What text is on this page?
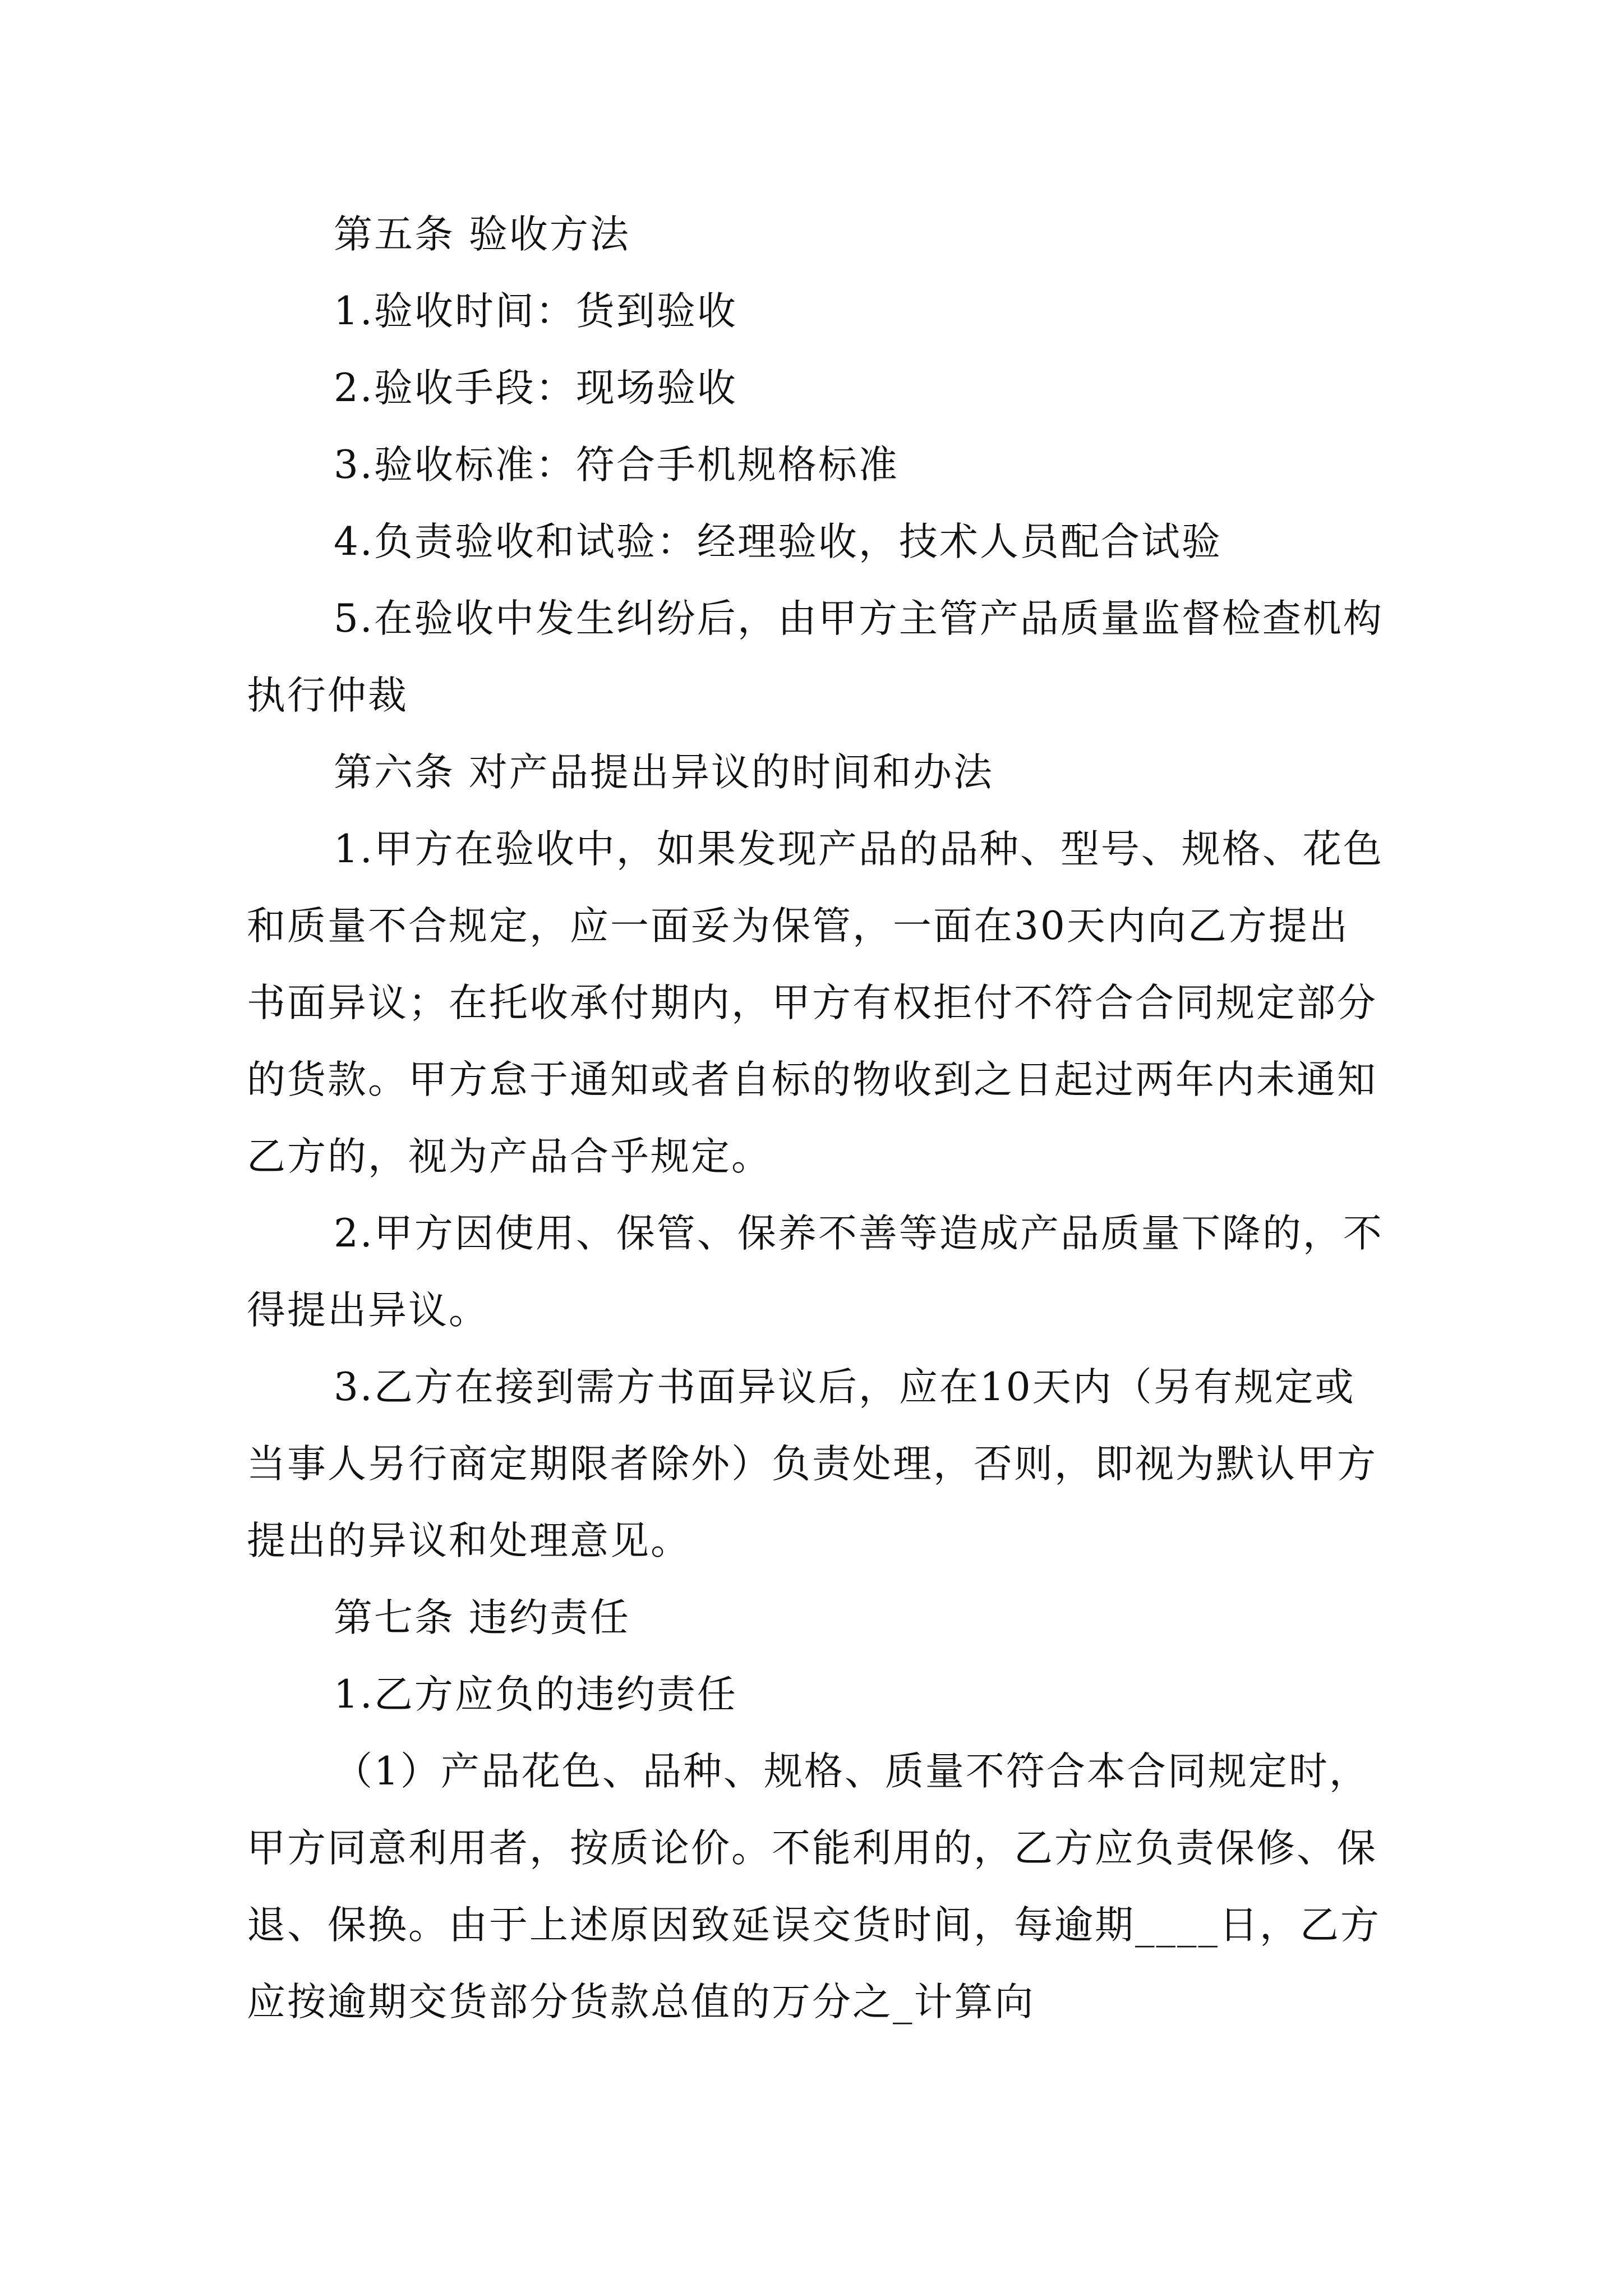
第五条 验收方法

1.验收时间：货到验收

2.验收手段：现场验收

3.验收标准：符合手机规格标准

4.负责验收和试验：经理验收，技术人员配合试验

5.在验收中发生纠纷后，由甲方主管产品质量监督检查机构执行仲裁

第六条 对产品提出异议的时间和办法

1.甲方在验收中，如果发现产品的品种、型号、规格、花色和质量不合规定，应一面妥为保管，一面在30天内向乙方提出书面异议；在托收承付期内，甲方有权拒付不符合合同规定部分的货款。甲方怠于通知或者自标的物收到之日起过两年内未通知乙方的，视为产品合乎规定。

2.甲方因使用、保管、保养不善等造成产品质量下降的，不得提出异议。

3.乙方在接到需方书面异议后，应在10天内（另有规定或当事人另行商定期限者除外）负责处理，否则，即视为默认甲方提出的异议和处理意见。

第七条 违约责任

1.乙方应负的违约责任

（1）产品花色、品种、规格、质量不符合本合同规定时，甲方同意利用者，按质论价。不能利用的，乙方应负责保修、保退、保换。由于上述原因致延误交货时间，每逾期____日，乙方应按逾期交货部分货款总值的万分之_计算向
